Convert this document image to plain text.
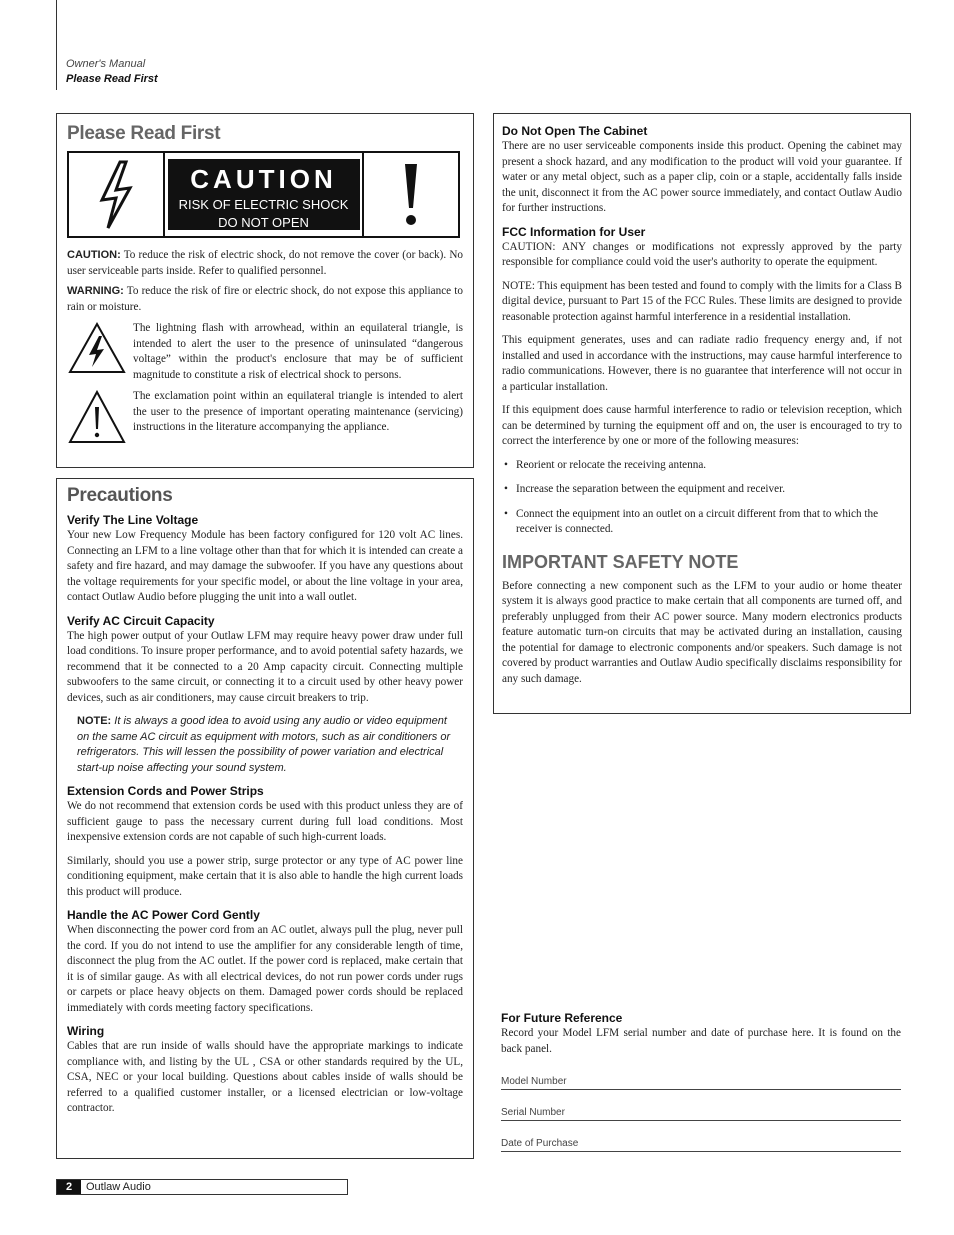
Owner's Manual
Please Read First
Please Read First
CAUTION
RISK OF ELECTRIC SHOCK
DO NOT OPEN

CAUTION: To reduce the risk of electric shock, do not remove the cover (or back). No user serviceable parts inside. Refer to qualified personnel.

WARNING: To reduce the risk of fire or electric shock, do not expose this appliance to rain or moisture.

The lightning flash with arrowhead, within an equilateral triangle, is intended to alert the user to the presence of uninsulated “dangerous voltage” within the product's enclosure that may be of sufficient magnitude to constitute a risk of electrical shock to persons.

The exclamation point within an equilateral triangle is intended to alert the user to the presence of important operating maintenance (servicing) instructions in the literature accompanying the appliance.

Precautions
Verify The Line Voltage

Your new Low Frequency Module has been factory configured for 120 volt AC lines. Connecting an LFM to a line voltage other than that for which it is intended can create a safety and fire hazard, and may damage the subwoofer. If you have any questions about the voltage requirements for your specific model, or about the line voltage in your area, contact Outlaw Audio before plugging the unit into a wall outlet.

Verify AC Circuit Capacity

The high power output of your Outlaw LFM may require heavy power draw under full load conditions. To insure proper performance, and to avoid potential safety hazards, we recommend that it be connected to a 20 Amp capacity circuit. Connecting multiple subwoofers to the same circuit, or connecting it to a circuit used by other heavy power devices, such as air conditioners, may cause circuit breakers to trip.

NOTE: It is always a good idea to avoid using any audio or video equipment on the same AC circuit as equipment with motors, such as air conditioners or refrigerators. This will lessen the possibility of power variation and electrical start-up noise affecting your sound system.
Extension Cords and Power Strips

We do not recommend that extension cords be used with this product unless they are of sufficient gauge to pass the necessary current during full load conditions. Most inexpensive extension cords are not capable of such high-current loads.

Similarly, should you use a power strip, surge protector or any type of AC power line conditioning equipment, make certain that it is also able to handle the high current loads this product will produce.

Handle the AC Power Cord Gently

When disconnecting the power cord from an AC outlet, always pull the plug, never pull the cord. If you do not intend to use the amplifier for any considerable length of time, disconnect the plug from the AC outlet. If the power cord is replaced, make certain that it is of similar gauge. As with all electrical devices, do not run power cords under rugs or carpets or place heavy objects on them. Damaged power cords should be replaced immediately with cords meeting factory specifications.

Wiring

Cables that are run inside of walls should have the appropriate markings to indicate compliance with, and listing by the UL , CSA or other standards required by the UL, CSA, NEC or your local building. Questions about cables inside of walls should be referred to a qualified customer installer, or a licensed electrician or low-voltage contractor.

Do Not Open The Cabinet

There are no user serviceable components inside this product. Opening the cabinet may present a shock hazard, and any modification to the product will void your guarantee. If water or any metal object, such as a paper clip, coin or a staple, accidentally falls inside the unit, disconnect it from the AC power source immediately, and contact Outlaw Audio for further instructions.

FCC Information for User

CAUTION: ANY changes or modifications not expressly approved by the party responsible for compliance could void the user's authority to operate the equipment.

NOTE: This equipment has been tested and found to comply with the limits for a Class B digital device, pursuant to Part 15 of the FCC Rules. These limits are designed to provide reasonable protection against harmful interference in a residential installation.

This equipment generates, uses and can radiate radio frequency energy and, if not installed and used in accordance with the instructions, may cause harmful interference to radio communications. However, there is no guarantee that interference will not occur in a particular installation.

If this equipment does cause harmful interference to radio or television reception, which can be determined by turning the equipment off and on, the user is encouraged to try to correct the interference by one or more of the following measures:

• Reorient or relocate the receiving antenna.
• Increase the separation between the equipment and receiver.
• Connect the equipment into an outlet on a circuit different from that to which the receiver is connected.
IMPORTANT SAFETY NOTE

Before connecting a new component such as the LFM to your audio or home theater system it is always good practice to make certain that all components are turned off, and preferably unplugged from their AC power source. Many modern electronics products feature automatic turn-on circuits that may be activated during an installation, causing the potential for damage to electronic components and/or speakers. Such damage is not covered by product warranties and Outlaw Audio specifically disclaims responsibility for any such damage.

For Future Reference

Record your Model LFM serial number and date of purchase here. It is found on the back panel.

Model Number
Serial Number
Date of Purchase
2	Outlaw Audio
